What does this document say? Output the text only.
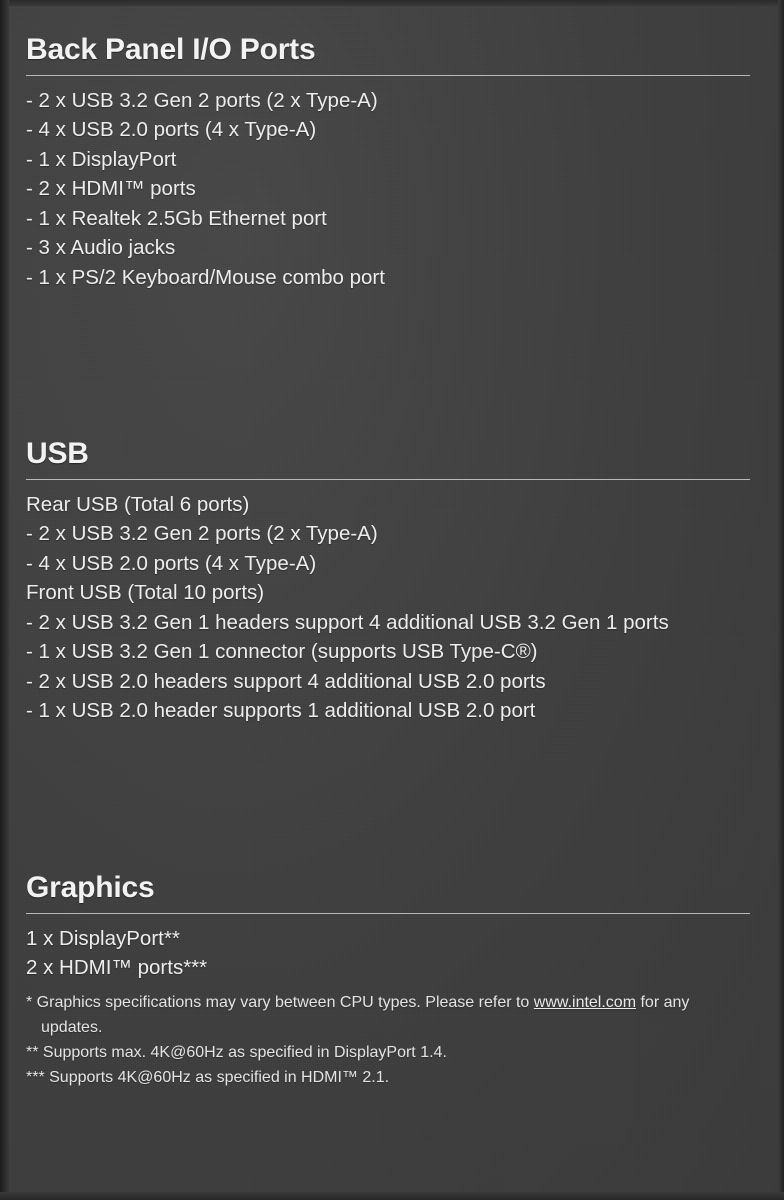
Back Panel I/O Ports
- 2 x USB 3.2 Gen 2 ports (2 x Type-A)
- 4 x USB 2.0 ports (4 x Type-A)
- 1 x DisplayPort
- 2 x HDMI™ ports
- 1 x Realtek 2.5Gb Ethernet port
- 3 x Audio jacks
- 1 x PS/2 Keyboard/Mouse combo port
USB
Rear USB (Total 6 ports)
- 2 x USB 3.2 Gen 2 ports (2 x Type-A)
- 4 x USB 2.0 ports (4 x Type-A)
Front USB (Total 10 ports)
- 2 x USB 3.2 Gen 1 headers support 4 additional USB 3.2 Gen 1 ports
- 1 x USB 3.2 Gen 1 connector (supports USB Type-C®)
- 2 x USB 2.0 headers support 4 additional USB 2.0 ports
- 1 x USB 2.0 header supports 1 additional USB 2.0 port
Graphics
1 x DisplayPort**
2 x HDMI™ ports***
* Graphics specifications may vary between CPU types. Please refer to www.intel.com for any
updates.
** Supports max. 4K@60Hz as specified in DisplayPort 1.4.
*** Supports 4K@60Hz as specified in HDMI™ 2.1.
